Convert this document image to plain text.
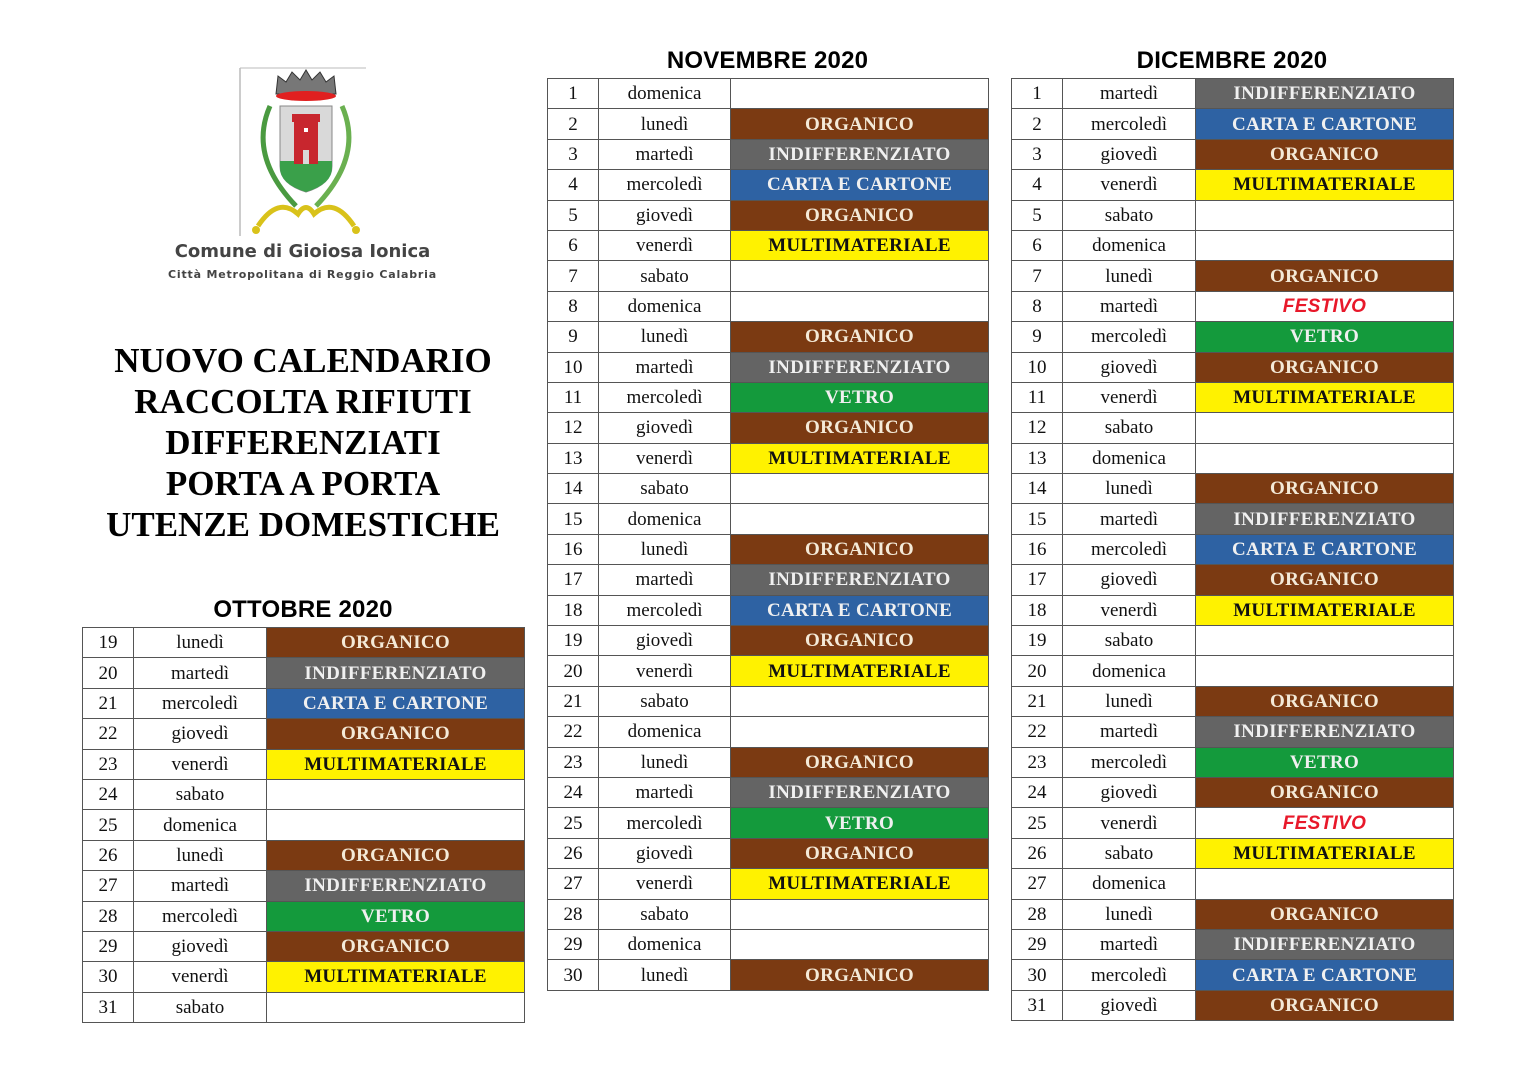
Comune di Gioiosa Ionica
Città Metropolitana di Reggio Calabria
NUOVO CALENDARIO
RACCOLTA RIFIUTI
DIFFERENZIATI
PORTA A PORTA
UTENZE DOMESTICHE
OTTOBRE 2020
NOVEMBRE 2020	DICEMBRE 2020
19	lunedì	ORGANICO
20	martedì	INDIFFERENZIATO
21	mercoledì	CARTA E CARTONE
22	giovedì	ORGANICO
23	venerdì	MULTIMATERIALE
24	sabato	
25	domenica	
26	lunedì	ORGANICO
27	martedì	INDIFFERENZIATO
28	mercoledì	VETRO
29	giovedì	ORGANICO
30	venerdì	MULTIMATERIALE
31	sabato	
1	domenica	
2	lunedì	ORGANICO
3	martedì	INDIFFERENZIATO
4	mercoledì	CARTA E CARTONE
5	giovedì	ORGANICO
6	venerdì	MULTIMATERIALE
7	sabato	
8	domenica	
9	lunedì	ORGANICO
10	martedì	INDIFFERENZIATO
11	mercoledì	VETRO
12	giovedì	ORGANICO
13	venerdì	MULTIMATERIALE
14	sabato	
15	domenica	
16	lunedì	ORGANICO
17	martedì	INDIFFERENZIATO
18	mercoledì	CARTA E CARTONE
19	giovedì	ORGANICO
20	venerdì	MULTIMATERIALE
21	sabato	
22	domenica	
23	lunedì	ORGANICO
24	martedì	INDIFFERENZIATO
25	mercoledì	VETRO
26	giovedì	ORGANICO
27	venerdì	MULTIMATERIALE
28	sabato	
29	domenica	
30	lunedì	ORGANICO
1	martedì	INDIFFERENZIATO
2	mercoledì	CARTA E CARTONE
3	giovedì	ORGANICO
4	venerdì	MULTIMATERIALE
5	sabato	
6	domenica	
7	lunedì	ORGANICO
8	martedì	FESTIVO
9	mercoledì	VETRO
10	giovedì	ORGANICO
11	venerdì	MULTIMATERIALE
12	sabato	
13	domenica	
14	lunedì	ORGANICO
15	martedì	INDIFFERENZIATO
16	mercoledì	CARTA E CARTONE
17	giovedì	ORGANICO
18	venerdì	MULTIMATERIALE
19	sabato	
20	domenica	
21	lunedì	ORGANICO
22	martedì	INDIFFERENZIATO
23	mercoledì	VETRO
24	giovedì	ORGANICO
25	venerdì	FESTIVO
26	sabato	MULTIMATERIALE
27	domenica	
28	lunedì	ORGANICO
29	martedì	INDIFFERENZIATO
30	mercoledì	CARTA E CARTONE
31	giovedì	ORGANICO
